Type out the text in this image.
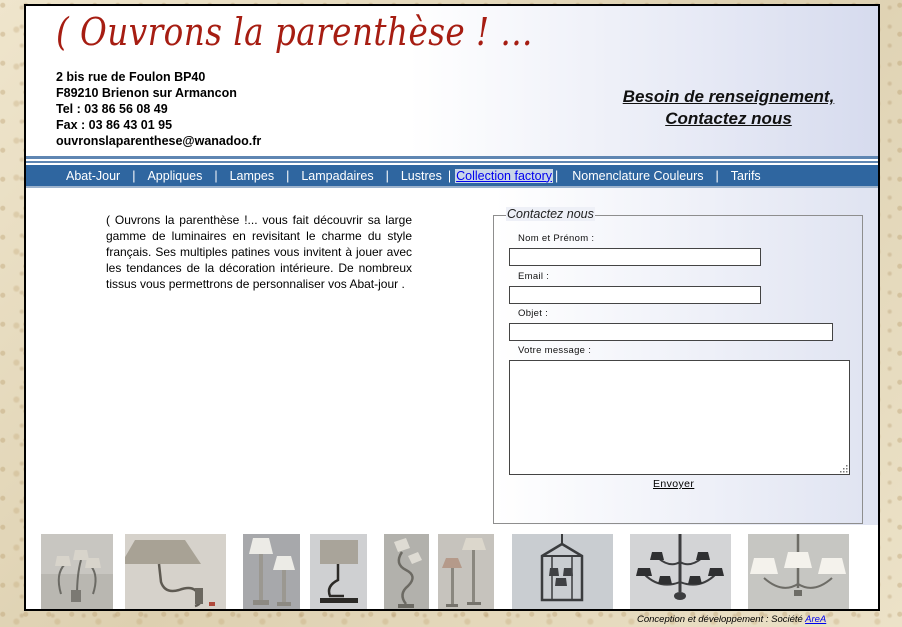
( Ouvrons la parenthèse ! ...
2 bis rue de Foulon BP40
F89210 Brienon sur Armancon
Tel : 03 86 56 08 49
Fax : 03 86 43 01 95
ouvronslaparenthese@wanadoo.fr
Besoin de renseignement,
Contactez nous
Abat-Jour | Appliques | Lampes | Lampadaires | Lustres | Collection factory | Nomenclature Couleurs | Tarifs

( Ouvrons la parenthèse !... vous fait découvrir sa large gamme de luminaires en revisitant le charme du style français. Ses multiples patines vous invitent à jouer avec les tendances de la décoration intérieure. De nombreux tissus vous permettrons de personnaliser vos Abat-jour .

Contactez nous
Nom et Prénom :
Email :
Objet :
Votre message :
Envoyer
Conception et développement : Société AreA
